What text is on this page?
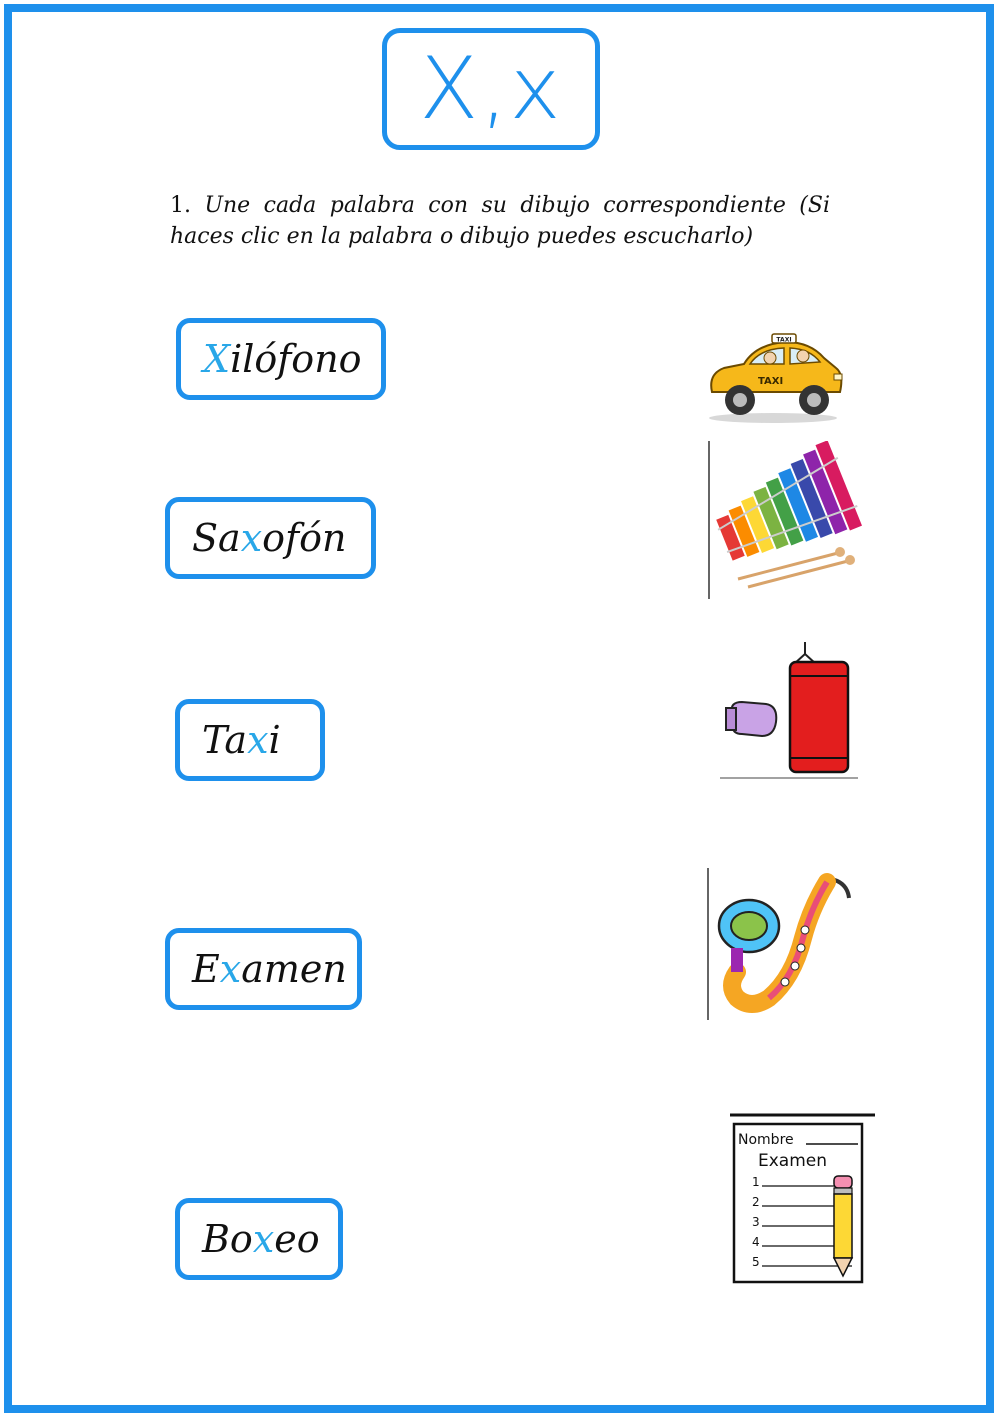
X,x
1. Une cada palabra con su dibujo correspondiente (Si haces clic en la palabra o dibujo puedes escucharlo)
X ilófono
Sa x ofón
Ta x i
E x amen
Bo x eo
TAXI
TAXI
Nombre
Examen
1
2
3
4
5
